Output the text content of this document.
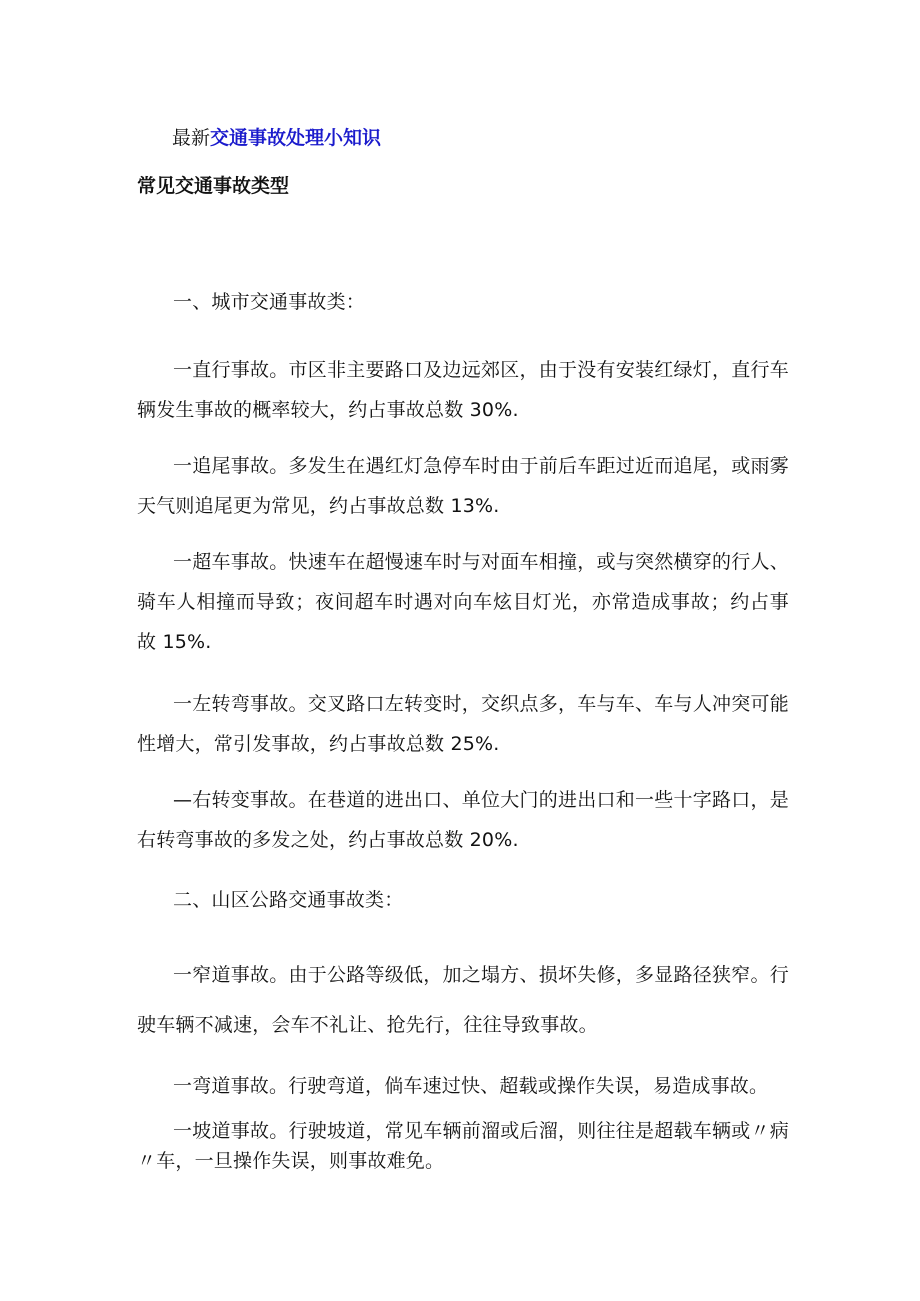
最新交通事故处理小知识
常见交通事故类型
一、城市交通事故类：
一直行事故。市区非主要路口及边远郊区，由于没有安装红绿灯，直行车辆发生事故的概率较大，约占事故总数 30%.
一追尾事故。多发生在遇红灯急停车时由于前后车距过近而追尾，或雨雾天气则追尾更为常见，约占事故总数 13%.
一超车事故。快速车在超慢速车时与对面车相撞，或与突然横穿的行人、骑车人相撞而导致；夜间超车时遇对向车炫目灯光，亦常造成事故；约占事故 15%.
一左转弯事故。交叉路口左转变时，交织点多，车与车、车与人冲突可能性增大，常引发事故，约占事故总数 25%.
—右转变事故。在巷道的进出口、单位大门的进出口和一些十字路口，是右转弯事故的多发之处，约占事故总数 20%.
二、山区公路交通事故类：
一窄道事故。由于公路等级低，加之塌方、损坏失修，多显路径狭窄。行驶车辆不减速，会车不礼让、抢先行，往往导致事故。
一弯道事故。行驶弯道，倘车速过快、超载或操作失误，易造成事故。
一坡道事故。行驶坡道，常见车辆前溜或后溜，则往往是超载车辆或〃病〃车，一旦操作失误，则事故难免。
